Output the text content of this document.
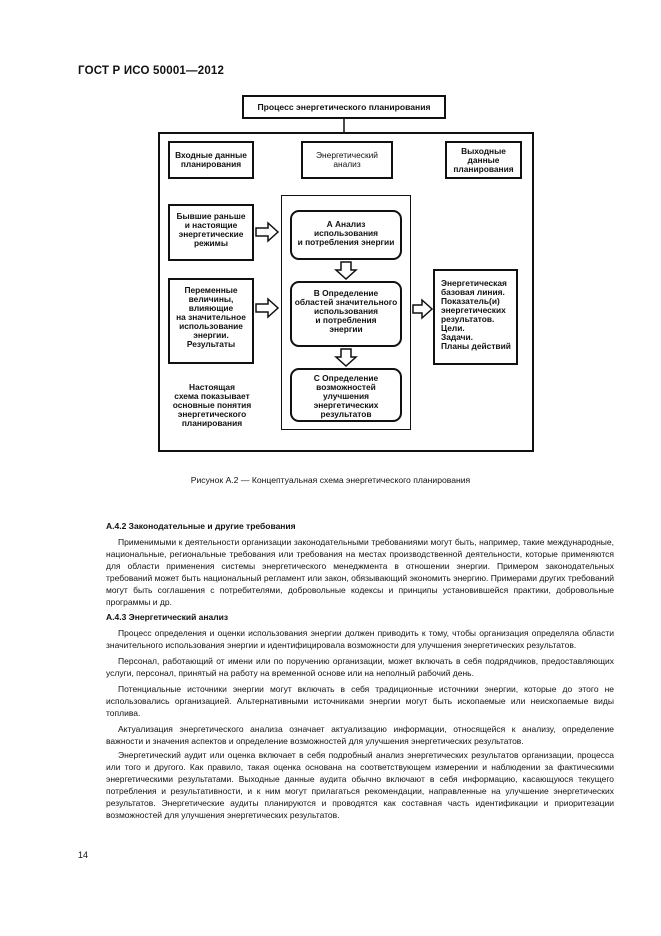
ГОСТ Р ИСО 50001—2012
Процесс энергетического планирования
Входные данные
планирования
Энергетический
анализ
Выходные
данные
планирования
Бывшие раньше
и настоящие
энергетические
режимы
Переменные
величины,
влияющие
на значительное
использование
энергии.
Результаты
Настоящая
схема показывает
основные понятия
энергетического
планирования
А Анализ
использования
и потребления энергии
В Определение
областей значительного
использования
и потребления
энергии
С Определение
возможностей
улучшения
энергетических
результатов
Энергетическая
базовая линия.
Показатель(и)
энергетических
результатов.
Цели.
Задачи.
Планы действий
Рисунок А.2 — Концептуальная схема энергетического планирования

А.4.2 Законодательные и другие требования

Применимыми к деятельности организации законодательными требованиями могут быть, например, такие международные, национальные, региональные требования или требования на местах производственной деятельности, которые применяются для области применения системы энергетического менеджмента в отношении энергии. Примером законодательных требований может быть национальный регламент или закон, обязывающий экономить энергию. Примерами других требований могут быть соглашения с потребителями, добровольные кодексы и принципы установившейся практики, добровольные программы и др.

А.4.3 Энергетический анализ

Процесс определения и оценки использования энергии должен приводить к тому, чтобы организация определяла области значительного использования энергии и идентифицировала возможности для улучшения энергетических результатов.

Персонал, работающий от имени или по поручению организации, может включать в себя подрядчиков, предоставляющих услуги, персонал, принятый на работу на временной основе или на неполный рабочий день.

Потенциальные источники энергии могут включать в себя традиционные источники энергии, которые до этого не использовались организацией. Альтернативными источниками энергии могут быть ископаемые или неископаемые виды топлива.

Актуализация энергетического анализа означает актуализацию информации, относящейся к анализу, определение важности и значения аспектов и определение возможностей для улучшения энергетических результатов.

Энергетический аудит или оценка включает в себя подробный анализ энергетических результатов организации, процесса или того и другого. Как правило, такая оценка основана на соответствующем измерении и наблюдении за фактическими энергетическими результатами. Выходные данные аудита обычно включают в себя информацию, касающуюся текущего потребления и результативности, и к ним могут прилагаться рекомендации, направленные на улучшение энергетических результатов. Энергетические аудиты планируются и проводятся как составная часть идентификации и приоритезации возможностей для улучшения энергетических результатов.

14
